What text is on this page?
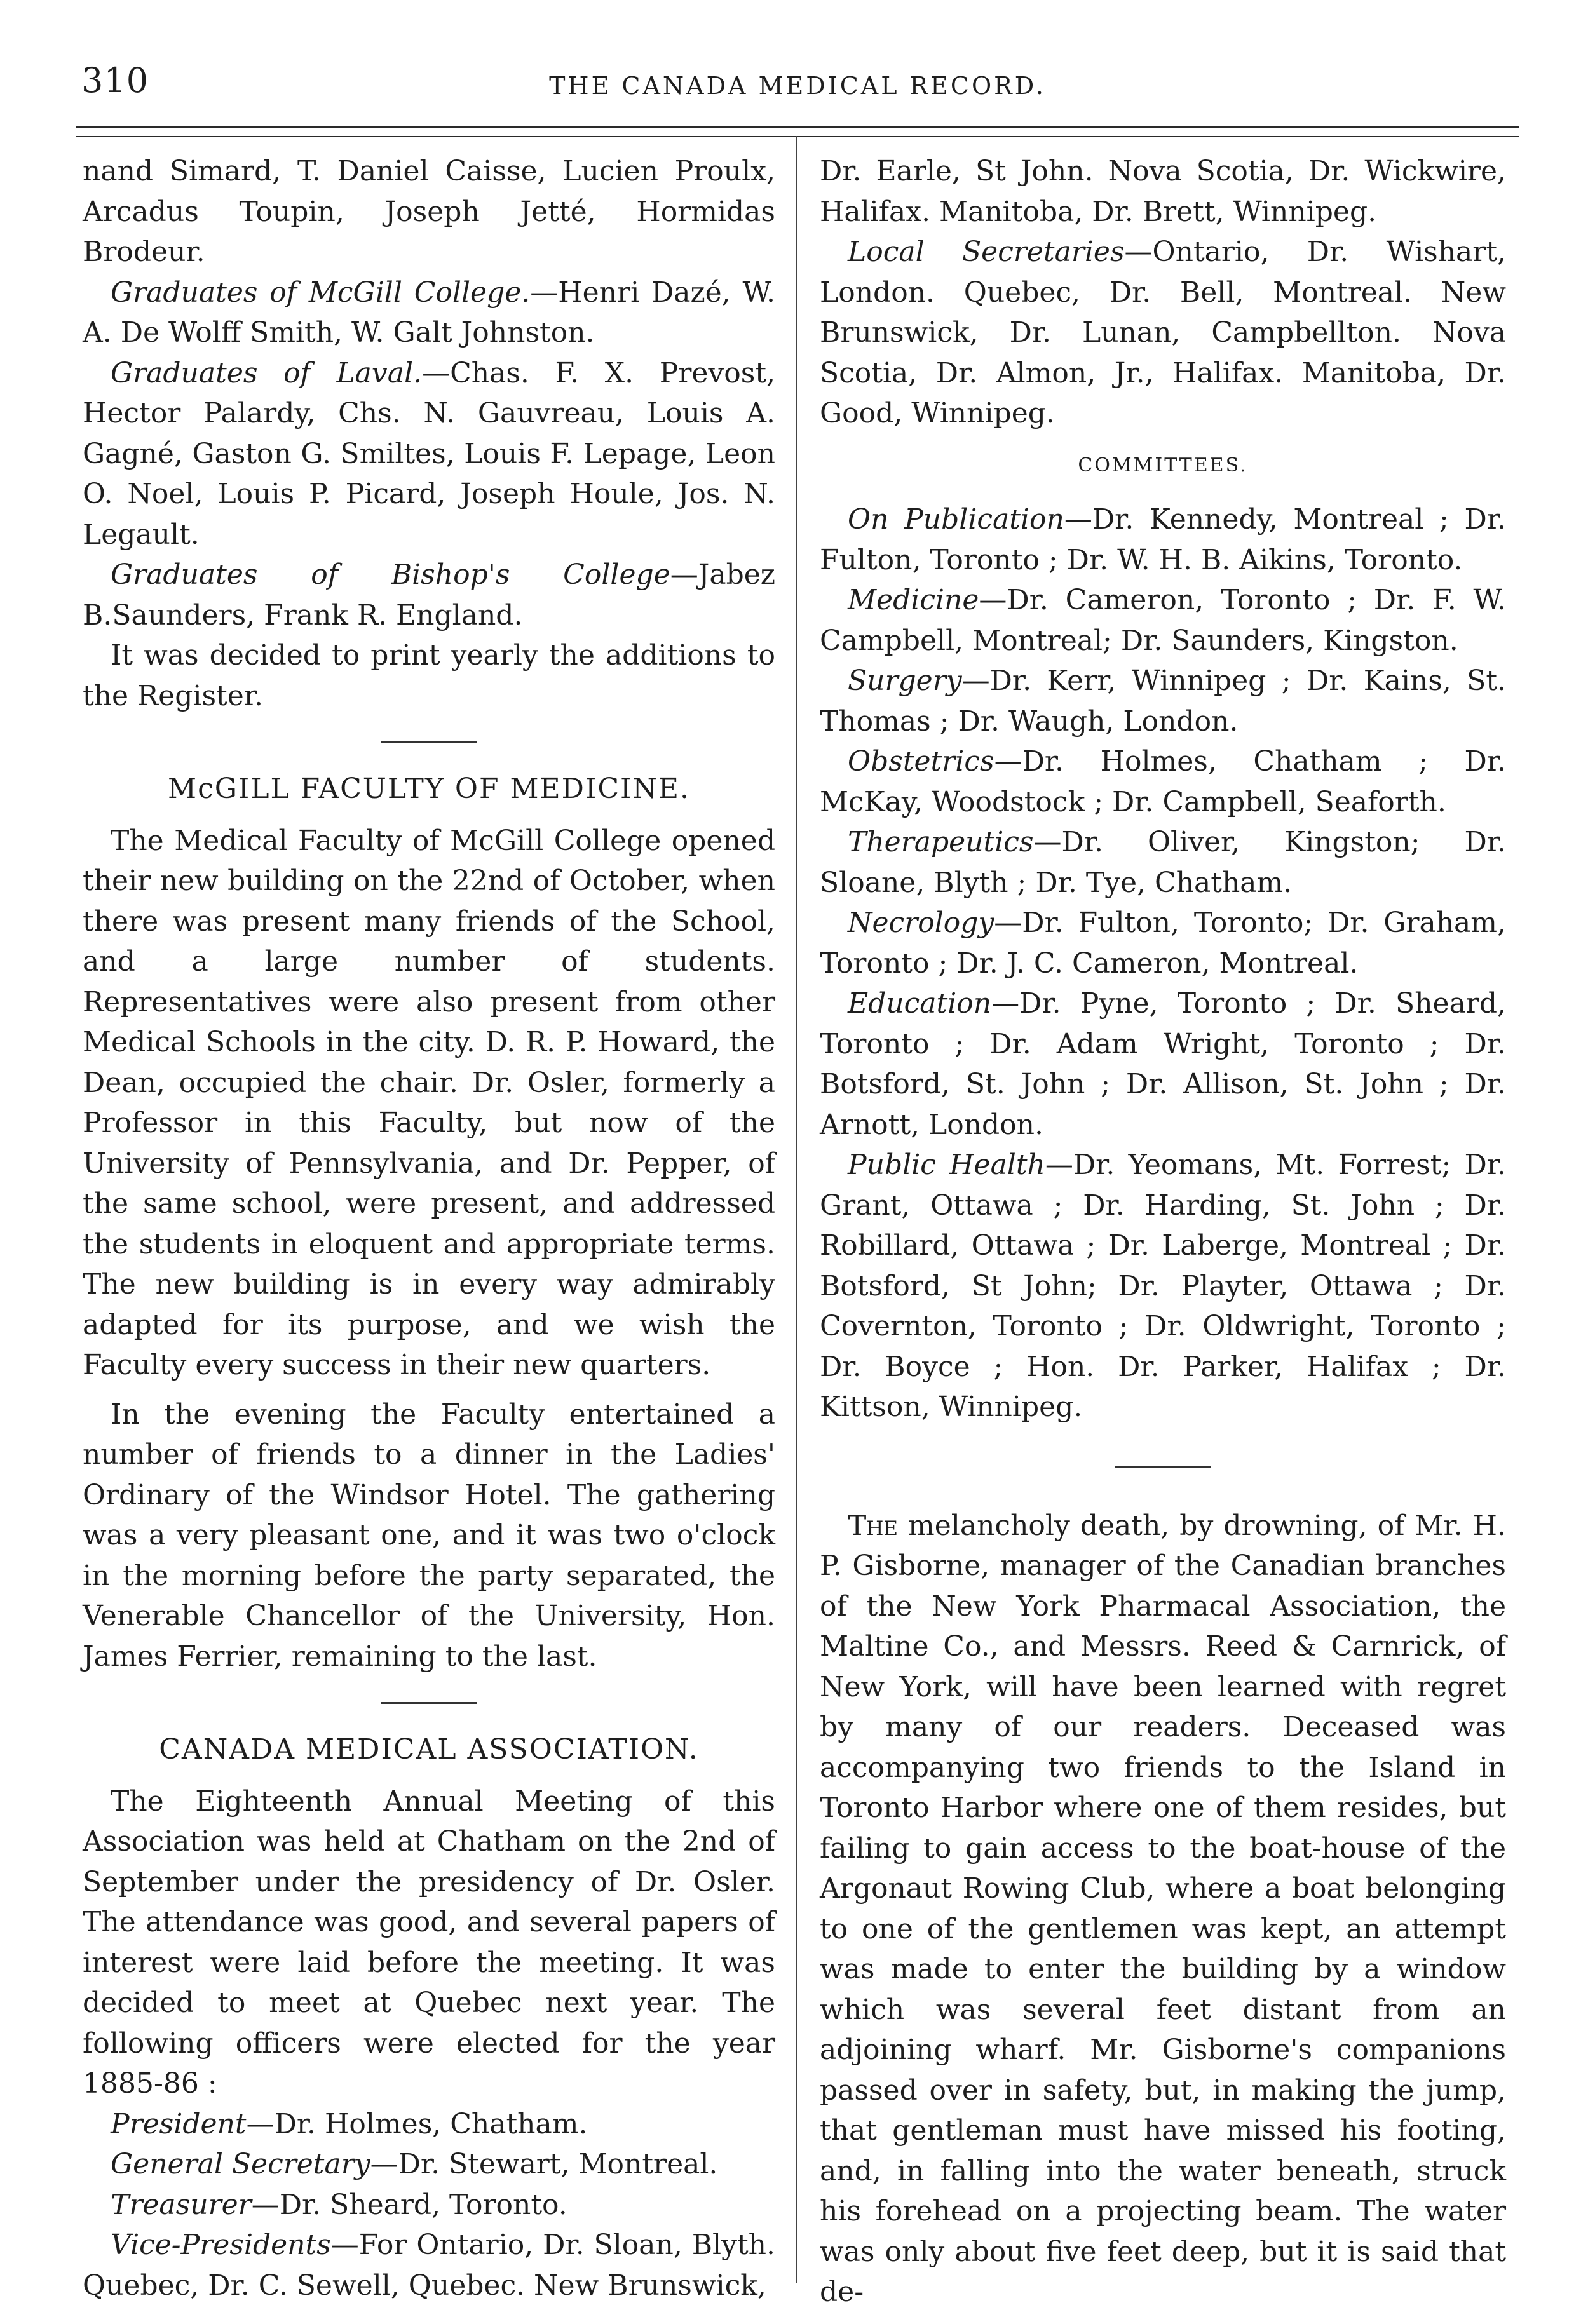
310	THE CANADA MEDICAL RECORD.

nand Simard, T. Daniel Caisse, Lucien Proulx, Arcadus Toupin, Joseph Jetté, Hormidas Brodeur.

Graduates of McGill College.—Henri Dazé, W. A. De Wolff Smith, W. Galt Johnston.

Graduates of Laval.—Chas. F. X. Prevost, Hector Palardy, Chs. N. Gauvreau, Louis A. Gagné, Gaston G. Smiltes, Louis F. Lepage, Leon O. Noel, Louis P. Picard, Joseph Houle, Jos. N. Legault.

Graduates of Bishop's College—Jabez B.Saunders, Frank R. England.

It was decided to print yearly the additions to the Register.

McGILL FACULTY OF MEDICINE.

The Medical Faculty of McGill College opened their new building on the 22nd of October, when there was present many friends of the School, and a large number of students. Representatives were also present from other Medical Schools in the city. D. R. P. Howard, the Dean, occupied the chair. Dr. Osler, formerly a Professor in this Faculty, but now of the University of Pennsylvania, and Dr. Pepper, of the same school, were present, and addressed the students in eloquent and appropriate terms. The new building is in every way admirably adapted for its purpose, and we wish the Faculty every success in their new quarters.

In the evening the Faculty entertained a number of friends to a dinner in the Ladies' Ordinary of the Windsor Hotel. The gathering was a very pleasant one, and it was two o'clock in the morning before the party separated, the Venerable Chancellor of the University, Hon. James Ferrier, remaining to the last.

CANADA MEDICAL ASSOCIATION.

The Eighteenth Annual Meeting of this Association was held at Chatham on the 2nd of September under the presidency of Dr. Osler. The attendance was good, and several papers of interest were laid before the meeting. It was decided to meet at Quebec next year. The following officers were elected for the year 1885-86 :

President—Dr. Holmes, Chatham.

General Secretary—Dr. Stewart, Montreal.

Treasurer—Dr. Sheard, Toronto.

Vice-Presidents—For Ontario, Dr. Sloan, Blyth. Quebec, Dr. C. Sewell, Quebec. New Brunswick,

Dr. Earle, St John. Nova Scotia, Dr. Wickwire, Halifax. Manitoba, Dr. Brett, Winnipeg.

Local Secretaries—Ontario, Dr. Wishart, London. Quebec, Dr. Bell, Montreal. New Brunswick, Dr. Lunan, Campbellton. Nova Scotia, Dr. Almon, Jr., Halifax. Manitoba, Dr. Good, Winnipeg.

COMMITTEES.

On Publication—Dr. Kennedy, Montreal ; Dr. Fulton, Toronto ; Dr. W. H. B. Aikins, Toronto.

Medicine—Dr. Cameron, Toronto ; Dr. F. W. Campbell, Montreal; Dr. Saunders, Kingston.

Surgery—Dr. Kerr, Winnipeg ; Dr. Kains, St. Thomas ; Dr. Waugh, London.

Obstetrics—Dr. Holmes, Chatham ; Dr. McKay, Woodstock ; Dr. Campbell, Seaforth.

Therapeutics—Dr. Oliver, Kingston; Dr. Sloane, Blyth ; Dr. Tye, Chatham.

Necrology—Dr. Fulton, Toronto; Dr. Graham, Toronto ; Dr. J. C. Cameron, Montreal.

Education—Dr. Pyne, Toronto ; Dr. Sheard, Toronto ; Dr. Adam Wright, Toronto ; Dr. Botsford, St. John ; Dr. Allison, St. John ; Dr. Arnott, London.

Public Health—Dr. Yeomans, Mt. Forrest; Dr. Grant, Ottawa ; Dr. Harding, St. John ; Dr. Robillard, Ottawa ; Dr. Laberge, Montreal ; Dr. Botsford, St John; Dr. Playter, Ottawa ; Dr. Covernton, Toronto ; Dr. Oldwright, Toronto ; Dr. Boyce ; Hon. Dr. Parker, Halifax ; Dr. Kittson, Winnipeg.

The melancholy death, by drowning, of Mr. H. P. Gisborne, manager of the Canadian branches of the New York Pharmacal Association, the Maltine Co., and Messrs. Reed & Carnrick, of New York, will have been learned with regret by many of our readers. Deceased was accompanying two friends to the Island in Toronto Harbor where one of them resides, but failing to gain access to the boat-house of the Argonaut Rowing Club, where a boat belonging to one of the gentlemen was kept, an attempt was made to enter the building by a window which was several feet distant from an adjoining wharf. Mr. Gisborne's companions passed over in safety, but, in making the jump, that gentleman must have missed his footing, and, in falling into the water beneath, struck his forehead on a projecting beam. The water was only about five feet deep, but it is said that de-
